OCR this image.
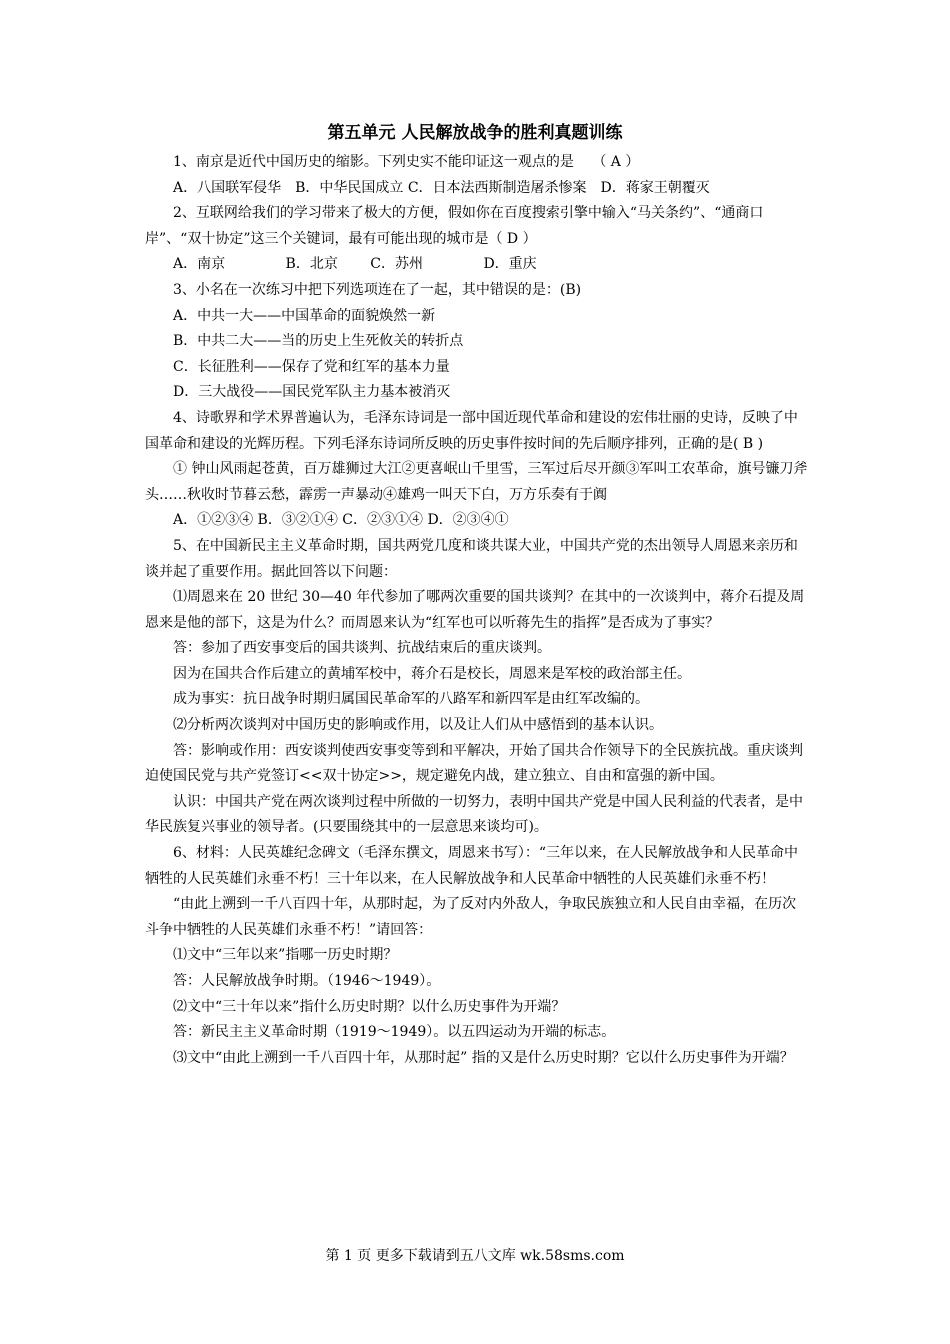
第五单元 人民解放战争的胜利真题训练

1、南京是近代中国历史的缩影。下列史实不能印证这一观点的是　 （ A ）

A．八国联军侵华　B．中华民国成立 C．日本法西斯制造屠杀惨案　D．蒋家王朝覆灭

2、互联网给我们的学习带来了极大的方便，假如你在百度搜索引擎中输入“马关条约”、“通商口岸”、“双十协定”这三个关键词，最有可能出现的城市是（ D ）

A．南京　　　　 B．北京　　 C．苏州　　　　 D．重庆

3、小名在一次练习中把下列选项连在了一起，其中错误的是：(B)

A．中共一大——中国革命的面貌焕然一新

B．中共二大——当的历史上生死攸关的转折点

C．长征胜利——保存了党和红军的基本力量

D．三大战役——国民党军队主力基本被消灭

4、诗歌界和学术界普遍认为，毛泽东诗词是一部中国近现代革命和建设的宏伟壮丽的史诗，反映了中国革命和建设的光辉历程。下列毛泽东诗词所反映的历史事件按时间的先后顺序排列，正确的是( B )

① 钟山风雨起苍黄，百万雄狮过大江②更喜岷山千里雪，三军过后尽开颜③军叫工农革命，旗号镰刀斧头……秋收时节暮云愁，霹雳一声暴动④雄鸡一叫天下白，万方乐奏有于阗

A．①②③④ B．③②①④ C．②③①④ D．②③④①

5、在中国新民主主义革命时期，国共两党几度和谈共谋大业，中国共产党的杰出领导人周恩来亲历和谈并起了重要作用。据此回答以下问题：

⑴周恩来在 20 世纪 30—40 年代参加了哪两次重要的国共谈判？在其中的一次谈判中，蒋介石提及周恩来是他的部下，这是为什么？而周恩来认为“红军也可以听蒋先生的指挥”是否成为了事实？

答：参加了西安事变后的国共谈判、抗战结束后的重庆谈判。

因为在国共合作后建立的黄埔军校中，蒋介石是校长，周恩来是军校的政治部主任。

成为事实：抗日战争时期归属国民革命军的八路军和新四军是由红军改编的。

⑵分析两次谈判对中国历史的影响或作用，以及让人们从中感悟到的基本认识。

答：影响或作用：西安谈判使西安事变等到和平解决，开始了国共合作领导下的全民族抗战。重庆谈判迫使国民党与共产党签订<<双十协定>>，规定避免内战，建立独立、自由和富强的新中国。

认识：中国共产党在两次谈判过程中所做的一切努力，表明中国共产党是中国人民利益的代表者，是中华民族复兴事业的领导者。(只要围绕其中的一层意思来谈均可)。

6、材料：人民英雄纪念碑文（毛泽东撰文，周恩来书写）：“三年以来，在人民解放战争和人民革命中牺牲的人民英雄们永垂不朽！三十年以来，在人民解放战争和人民革命中牺牲的人民英雄们永垂不朽！

“由此上溯到一千八百四十年，从那时起，为了反对内外敌人，争取民族独立和人民自由幸福，在历次斗争中牺牲的人民英雄们永垂不朽！”请回答：

⑴文中“三年以来”指哪一历史时期？

答：人民解放战争时期。（1946～1949）。

⑵文中“三十年以来”指什么历史时期？以什么历史事件为开端？

答：新民主主义革命时期（1919～1949）。以五四运动为开端的标志。

⑶文中“由此上溯到一千八百四十年，从那时起” 指的又是什么历史时期？它以什么历史事件为开端？

第 1 页 更多下载请到五八文库 wk.58sms.com
